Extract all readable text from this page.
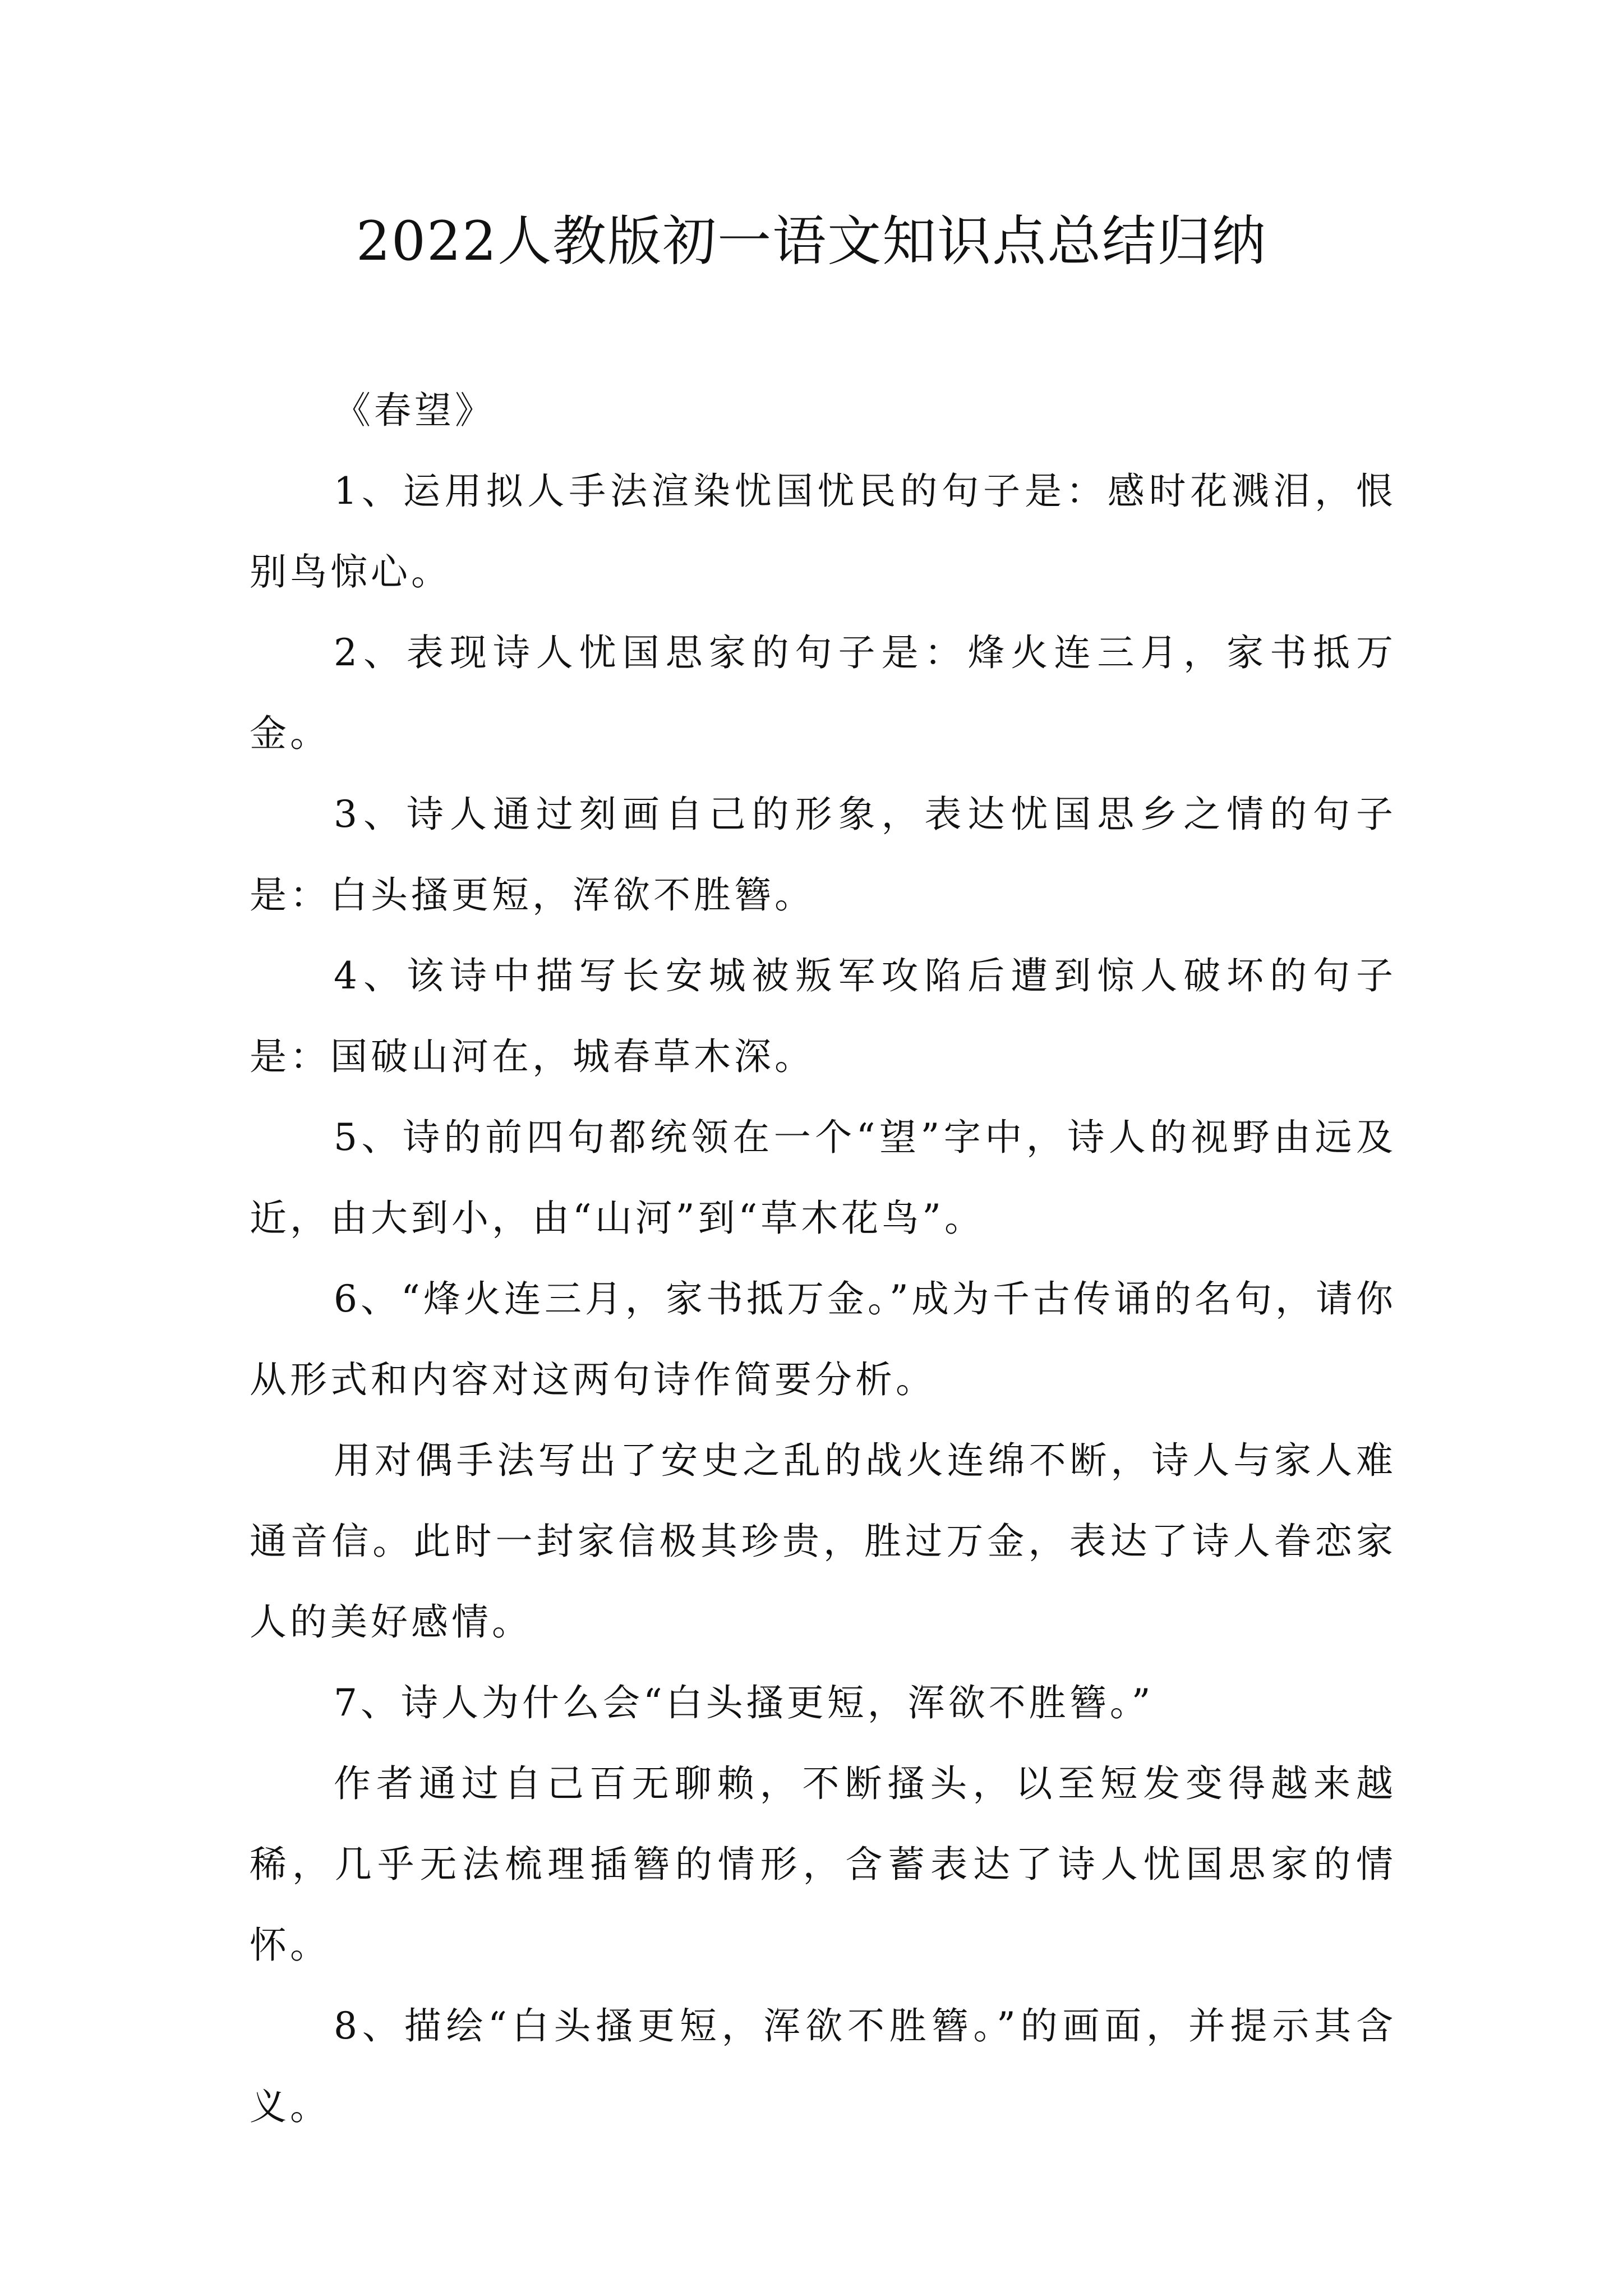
2022人教版初一语文知识点总结归纳

《春望》

1、运用拟人手法渲染忧国忧民的句子是：感时花溅泪，恨别鸟惊心。

2、表现诗人忧国思家的句子是：烽火连三月，家书抵万金。

3、诗人通过刻画自己的形象，表达忧国思乡之情的句子是：白头搔更短，浑欲不胜簪。

4、该诗中描写长安城被叛军攻陷后遭到惊人破坏的句子是：国破山河在，城春草木深。

5、诗的前四句都统领在一个“望”字中，诗人的视野由远及近，由大到小，由“山河”到“草木花鸟”。

6、“烽火连三月，家书抵万金。”成为千古传诵的名句，请你从形式和内容对这两句诗作简要分析。

用对偶手法写出了安史之乱的战火连绵不断，诗人与家人难通音信。此时一封家信极其珍贵，胜过万金，表达了诗人眷恋家人的美好感情。

7、诗人为什么会“白头搔更短，浑欲不胜簪。”

作者通过自己百无聊赖，不断搔头，以至短发变得越来越稀，几乎无法梳理插簪的情形，含蓄表达了诗人忧国思家的情怀。

8、描绘“白头搔更短，浑欲不胜簪。”的画面，并提示其含义。
